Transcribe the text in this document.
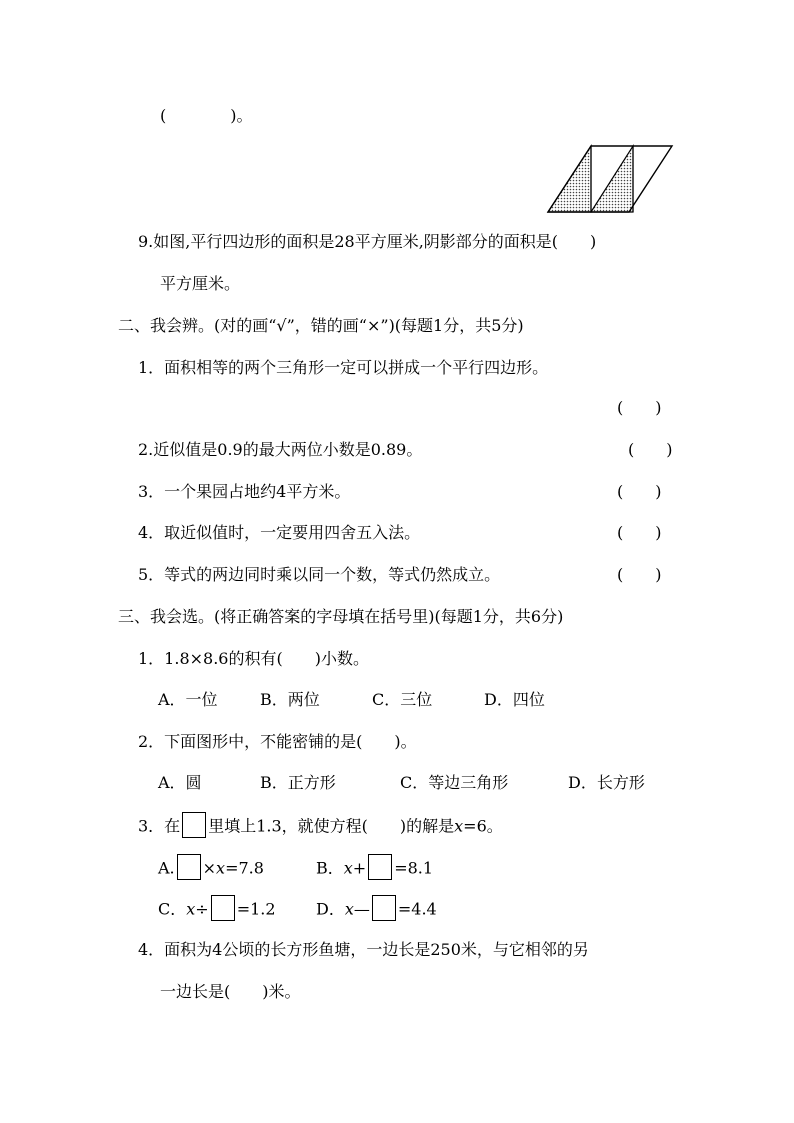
(　　　　)。
9.如图,平行四边形的面积是28平方厘米,阴影部分的面积是(　　)
平方厘米。
二、我会辨。(对的画“√”，错的画“×”)(每题1分，共5分)
1．面积相等的两个三角形一定可以拼成一个平行四边形。
(　　)
2.近似值是0.9的最大两位小数是0.89。	(　　)
3．一个果园占地约4平方米。	(　　)
4．取近似值时，一定要用四舍五入法。	(　　)
5．等式的两边同时乘以同一个数，等式仍然成立。	(　　)
三、我会选。(将正确答案的字母填在括号里)(每题1分，共6分)
1．1.8×8.6的积有(　　)小数。
A．一位	B．两位	C．三位	D．四位
2．下面图形中，不能密铺的是(　　)。
A．圆	B．正方形	C．等边三角形	D．长方形
3．在 里填上1.3，就使方程(　　)的解是x=6。
A. ×x=7.8	B．x+ =8.1
C．x÷ =1.2	D．x— =4.4
4．面积为4公顷的长方形鱼塘，一边长是250米，与它相邻的另
一边长是(　　)米。
